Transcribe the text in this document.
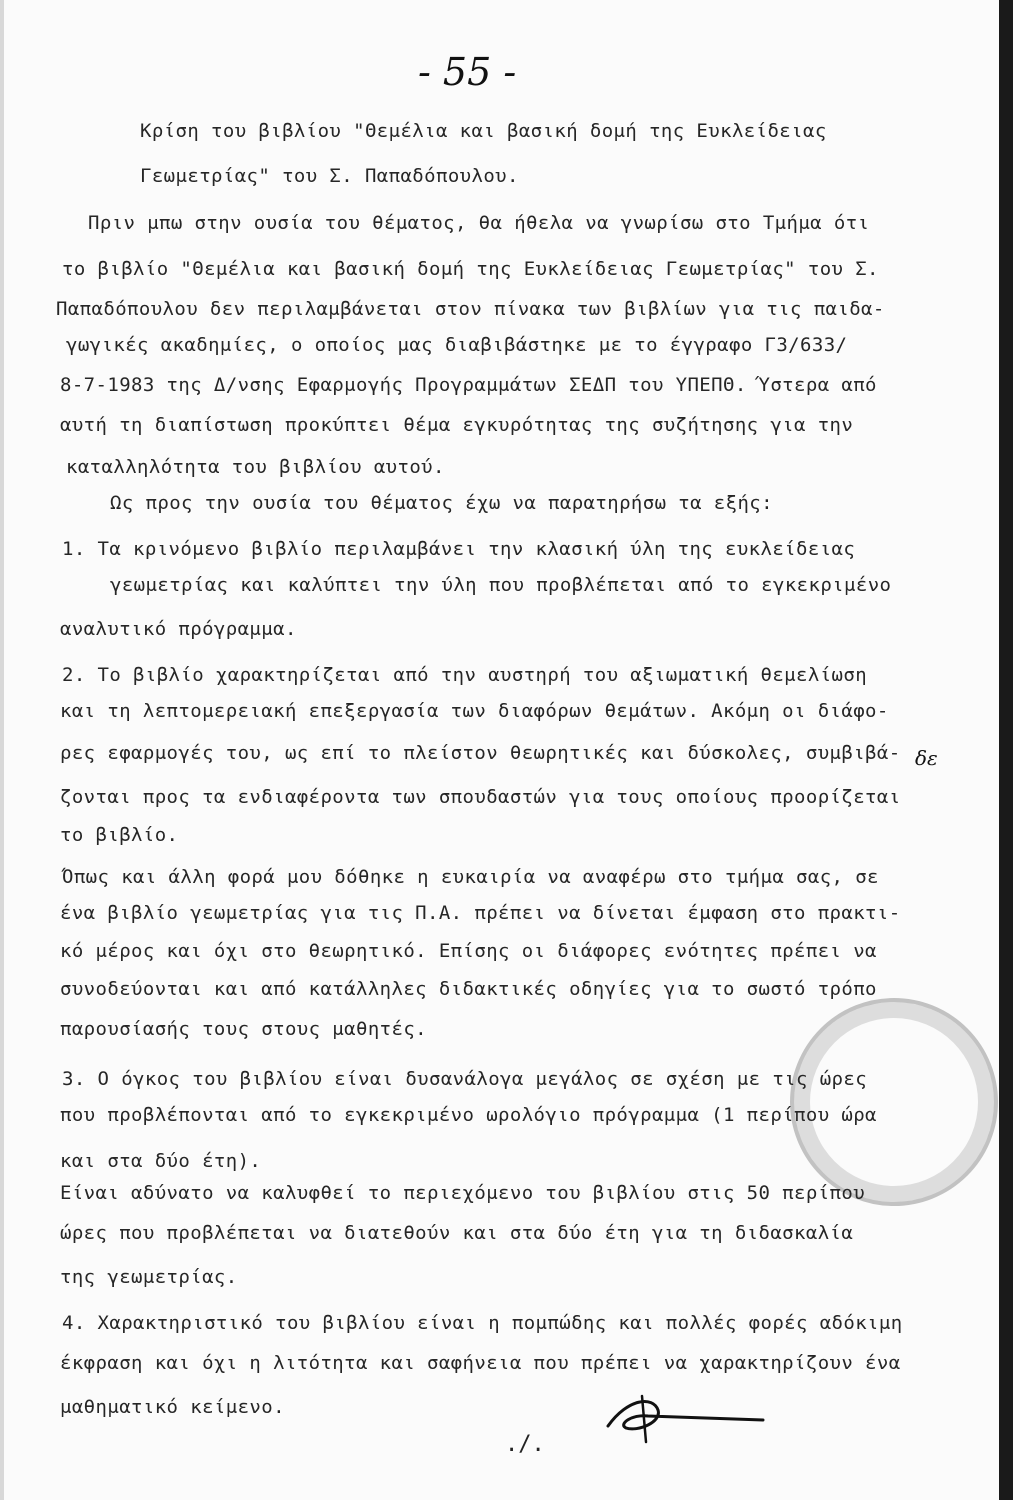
- 55 -
Κρίση του βιβλίου "Θεμέλια και βασική δομή της Ευκλείδειας
Γεωμετρίας" του Σ. Παπαδόπουλου.
Πριν μπω στην ουσία του θέματος, θα ήθελα να γνωρίσω στο Τμήμα ότι
το βιβλίο "Θεμέλια και βασική δομή της Ευκλείδειας Γεωμετρίας" του Σ.
Παπαδόπουλου δεν περιλαμβάνεται στον πίνακα των βιβλίων για τις παιδα-
γωγικές ακαδημίες, ο οποίος μας διαβιβάστηκε με το έγγραφο Γ3/633/
8-7-1983 της Δ/νσης Εφαρμογής Προγραμμάτων ΣΕΔΠ του ΥΠΕΠΘ. Ύστερα από
αυτή τη διαπίστωση προκύπτει θέμα εγκυρότητας της συζήτησης για την
καταλληλότητα του βιβλίου αυτού.
Ως προς την ουσία του θέματος έχω να παρατηρήσω τα εξής:
1. Τα κρινόμενο βιβλίο περιλαμβάνει την κλασική ύλη της ευκλείδειας
γεωμετρίας και καλύπτει την ύλη που προβλέπεται από το εγκεκριμένο
αναλυτικό πρόγραμμα.
2. Το βιβλίο χαρακτηρίζεται από την αυστηρή του αξιωματική θεμελίωση
και τη λεπτομερειακή επεξεργασία των διαφόρων θεμάτων. Ακόμη οι διάφο-
δε
ρες εφαρμογές του, ως επί το πλείστον θεωρητικές και δύσκολες, συμβιβά-
ζονται προς τα ενδιαφέροντα των σπουδαστών για τους οποίους προορίζεται
το βιβλίο.
Όπως και άλλη φορά μου δόθηκε η ευκαιρία να αναφέρω στο τμήμα σας, σε
ένα βιβλίο γεωμετρίας για τις Π.Α. πρέπει να δίνεται έμφαση στο πρακτι-
κό μέρος και όχι στο θεωρητικό. Επίσης οι διάφορες ενότητες πρέπει να
συνοδεύονται και από κατάλληλες διδακτικές οδηγίες για το σωστό τρόπο
παρουσίασής τους στους μαθητές.
3. Ο όγκος του βιβλίου είναι δυσανάλογα μεγάλος σε σχέση με τις ώρες
που προβλέπονται από το εγκεκριμένο ωρολόγιο πρόγραμμα (1 περίπου ώρα
και στα δύο έτη).
Είναι αδύνατο να καλυφθεί το περιεχόμενο του βιβλίου στις 50 περίπου
ώρες που προβλέπεται να διατεθούν και στα δύο έτη για τη διδασκαλία
της γεωμετρίας.
4. Χαρακτηριστικό του βιβλίου είναι η πομπώδης και πολλές φορές αδόκιμη
έκφραση και όχι η λιτότητα και σαφήνεια που πρέπει να χαρακτηρίζουν ένα
μαθηματικό κείμενο.
./.
